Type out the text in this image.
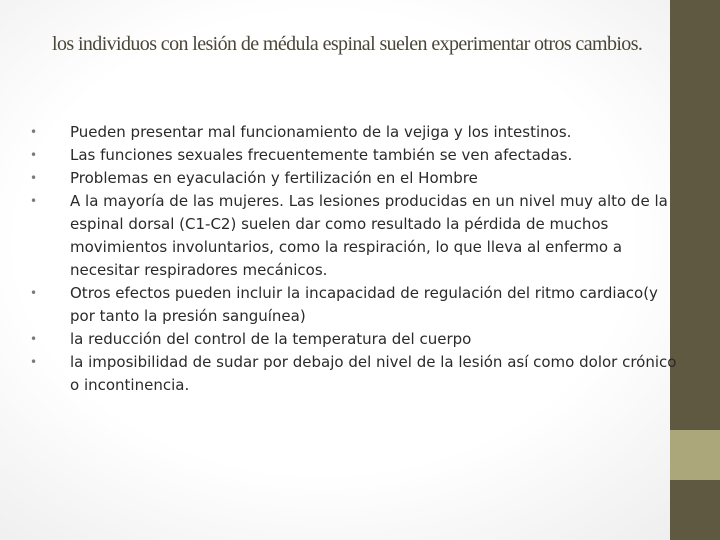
los individuos con lesión de médula espinal suelen experimentar otros cambios.
• Pueden presentar mal funcionamiento de la vejiga y los intestinos.
• Las funciones sexuales frecuentemente también se ven afectadas.
• Problemas en eyaculación y fertilización en el Hombre
• A la mayoría de las mujeres. Las lesiones producidas en un nivel muy alto de la espinal dorsal (C1-C2) suelen dar como resultado la pérdida de muchos movimientos involuntarios, como la respiración, lo que lleva al enfermo a necesitar respiradores mecánicos.
• Otros efectos pueden incluir la incapacidad de regulación del ritmo cardiaco(y por tanto la presión sanguínea)
• la reducción del control de la temperatura del cuerpo
• la imposibilidad de sudar por debajo del nivel de la lesión así como dolor crónico o incontinencia.
